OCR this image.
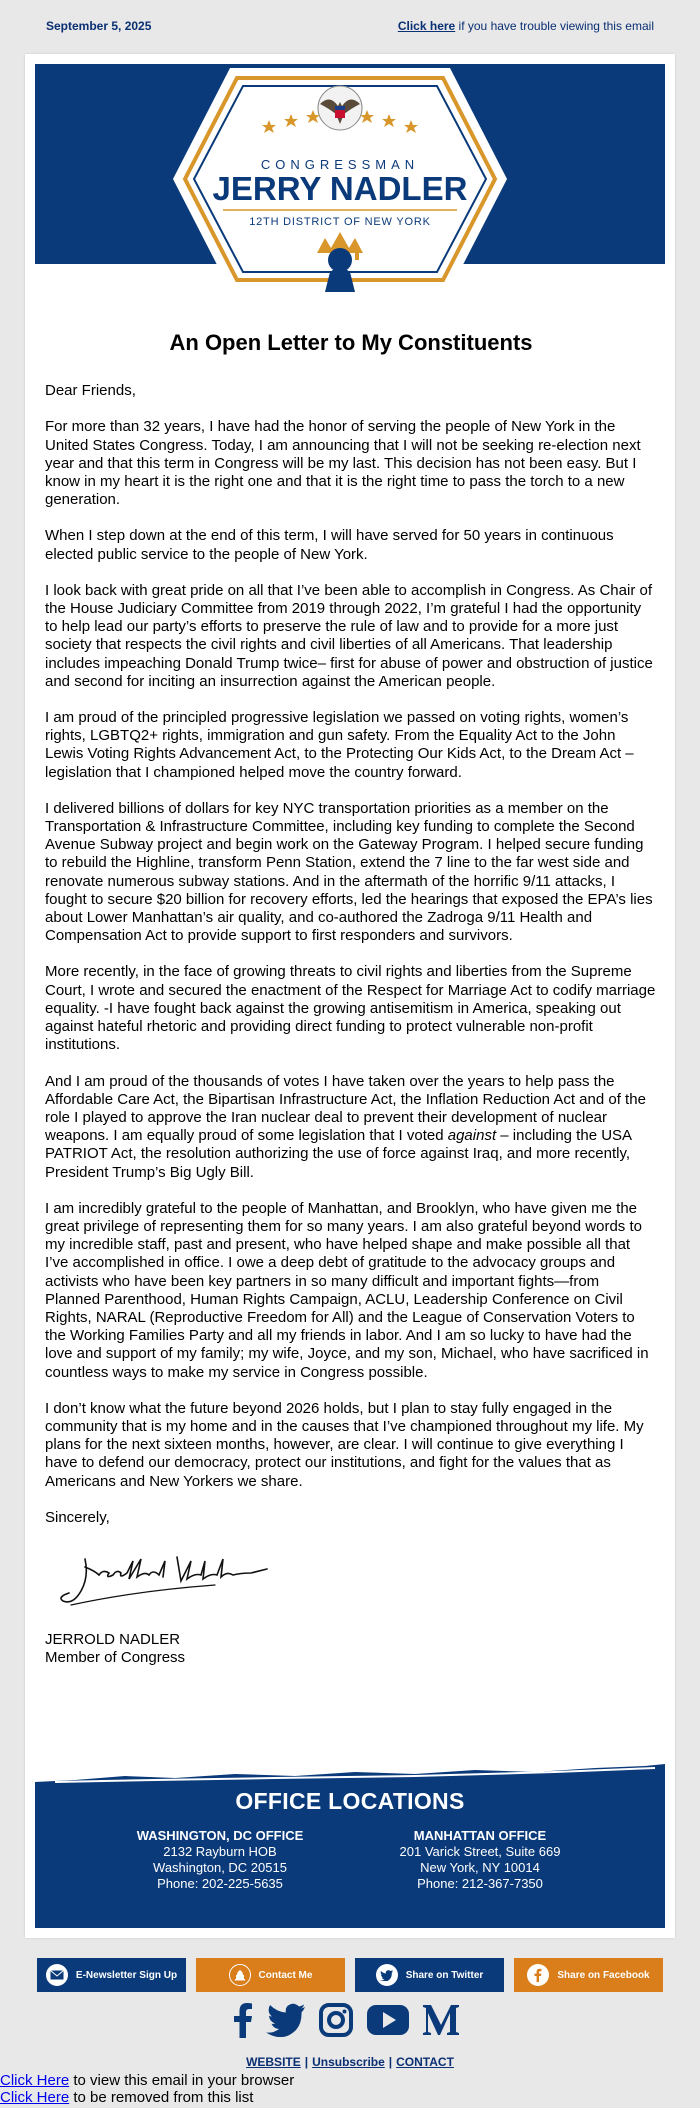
September 5, 2025	Click here if you have trouble viewing this email
CONGRESSMAN
JERRY NADLER
12TH DISTRICT OF NEW YORK
An Open Letter to My Constituents

Dear Friends,

For more than 32 years, I have had the honor of serving the people of New York in the United States Congress. Today, I am announcing that I will not be seeking re-election next year and that this term in Congress will be my last. This decision has not been easy. But I know in my heart it is the right one and that it is the right time to pass the torch to a new generation.

When I step down at the end of this term, I will have served for 50 years in continuous elected public service to the people of New York.

I look back with great pride on all that I’ve been able to accomplish in Congress. As Chair of the House Judiciary Committee from 2019 through 2022, I’m grateful I had the opportunity to help lead our party’s efforts to preserve the rule of law and to provide for a more just society that respects the civil rights and civil liberties of all Americans. That leadership includes impeaching Donald Trump twice– first for abuse of power and obstruction of justice and second for inciting an insurrection against the American people.

I am proud of the principled progressive legislation we passed on voting rights, women’s rights, LGBTQ2+ rights, immigration and gun safety. From the Equality Act to the John Lewis Voting Rights Advancement Act, to the Protecting Our Kids Act, to the Dream Act – legislation that I championed helped move the country forward.

I delivered billions of dollars for key NYC transportation priorities as a member on the Transportation & Infrastructure Committee, including key funding to complete the Second Avenue Subway project and begin work on the Gateway Program. I helped secure funding to rebuild the Highline, transform Penn Station, extend the 7 line to the far west side and renovate numerous subway stations. And in the aftermath of the horrific 9/11 attacks, I fought to secure $20 billion for recovery efforts, led the hearings that exposed the EPA’s lies about Lower Manhattan’s air quality, and co-authored the Zadroga 9/11 Health and Compensation Act to provide support to first responders and survivors.

More recently, in the face of growing threats to civil rights and liberties from the Supreme Court, I wrote and secured the enactment of the Respect for Marriage Act to codify marriage equality. -I have fought back against the growing antisemitism in America, speaking out against hateful rhetoric and providing direct funding to protect vulnerable non-profit institutions.

And I am proud of the thousands of votes I have taken over the years to help pass the Affordable Care Act, the Bipartisan Infrastructure Act, the Inflation Reduction Act and of the role I played to approve the Iran nuclear deal to prevent their development of nuclear weapons. I am equally proud of some legislation that I voted against – including the USA PATRIOT Act, the resolution authorizing the use of force against Iraq, and more recently, President Trump’s Big Ugly Bill.

I am incredibly grateful to the people of Manhattan, and Brooklyn, who have given me the great privilege of representing them for so many years. I am also grateful beyond words to my incredible staff, past and present, who have helped shape and make possible all that I’ve accomplished in office. I owe a deep debt of gratitude to the advocacy groups and activists who have been key partners in so many difficult and important fights—from Planned Parenthood, Human Rights Campaign, ACLU, Leadership Conference on Civil Rights, NARAL (Reproductive Freedom for All) and the League of Conservation Voters to the Working Families Party and all my friends in labor. And I am so lucky to have had the love and support of my family; my wife, Joyce, and my son, Michael, who have sacrificed in countless ways to make my service in Congress possible.

I don’t know what the future beyond 2026 holds, but I plan to stay fully engaged in the community that is my home and in the causes that I’ve championed throughout my life. My plans for the next sixteen months, however, are clear. I will continue to give everything I have to defend our democracy, protect our institutions, and fight for the values that as Americans and New Yorkers we share.

Sincerely,

JERROLD NADLER
Member of Congress
OFFICE LOCATIONS
WASHINGTON, DC OFFICE
2132 Rayburn HOB
Washington, DC 20515
Phone: 202-225-5635
MANHATTAN OFFICE
201 Varick Street, Suite 669
New York, NY 10014
Phone: 212-367-7350
E-Newsletter Sign Up	Contact Me	Share on Twitter	Share on Facebook
WEBSITE | Unsubscribe | CONTACT
Click Here to view this email in your browser
Click Here to be removed from this list
